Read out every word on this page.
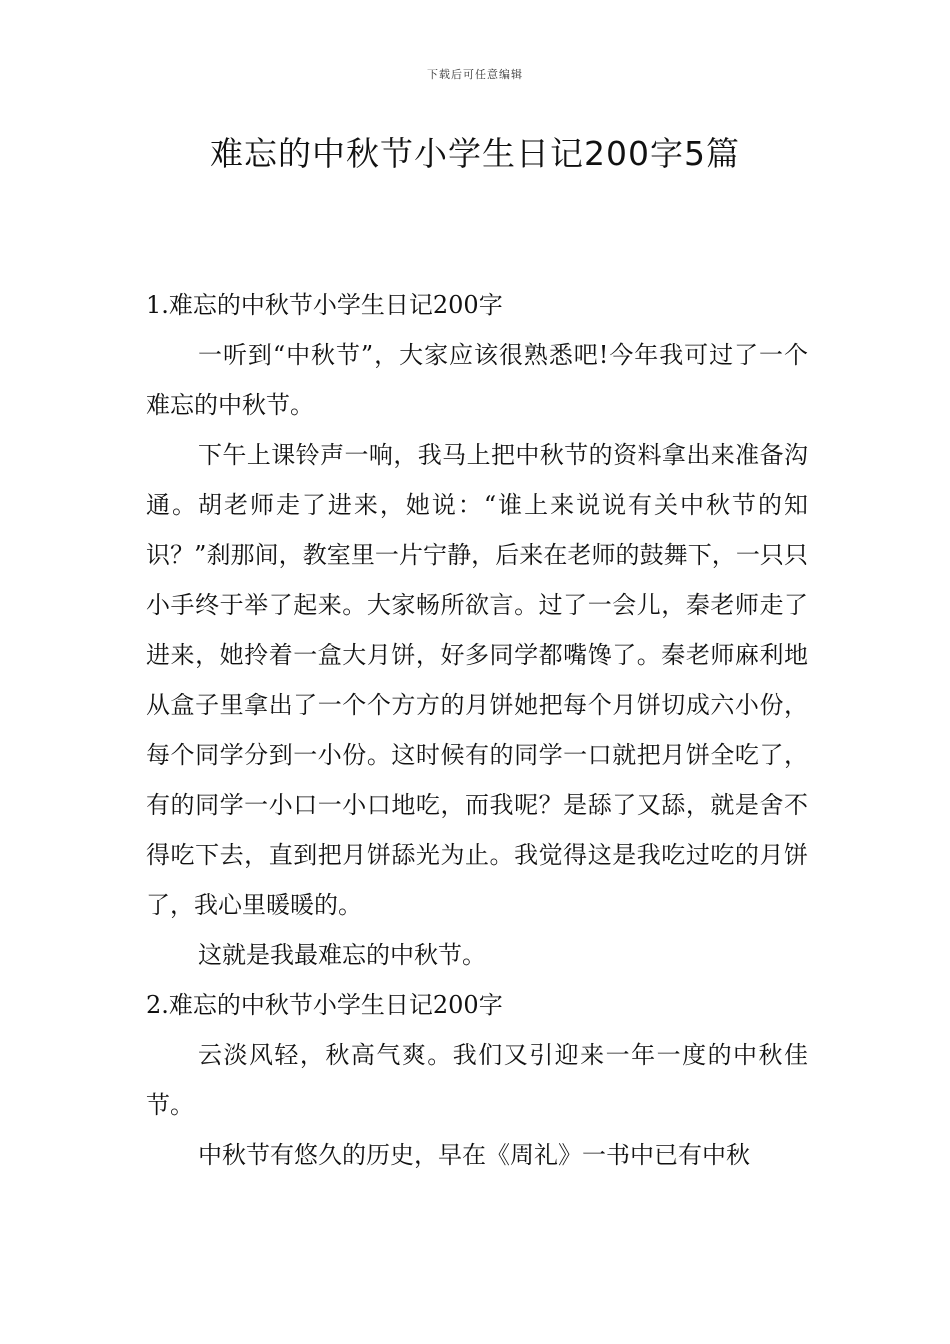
下载后可任意编辑
难忘的中秋节小学生日记200字5篇

1.难忘的中秋节小学生日记200字

一听到“中秋节”，大家应该很熟悉吧!今年我可过了一个难忘的中秋节。

下午上课铃声一响，我马上把中秋节的资料拿出来准备沟通。胡老师走了进来，她说：“谁上来说说有关中秋节的知识？”刹那间，教室里一片宁静，后来在老师的鼓舞下，一只只小手终于举了起来。大家畅所欲言。过了一会儿，秦老师走了进来，她拎着一盒大月饼，好多同学都嘴馋了。秦老师麻利地从盒子里拿出了一个个方方的月饼她把每个月饼切成六小份，每个同学分到一小份。这时候有的同学一口就把月饼全吃了，有的同学一小口一小口地吃，而我呢？是舔了又舔，就是舍不得吃下去，直到把月饼舔光为止。我觉得这是我吃过吃的月饼了，我心里暖暖的。

这就是我最难忘的中秋节。

2.难忘的中秋节小学生日记200字

云淡风轻，秋高气爽。我们又引迎来一年一度的中秋佳节。

中秋节有悠久的历史，早在《周礼》一书中已有中秋
